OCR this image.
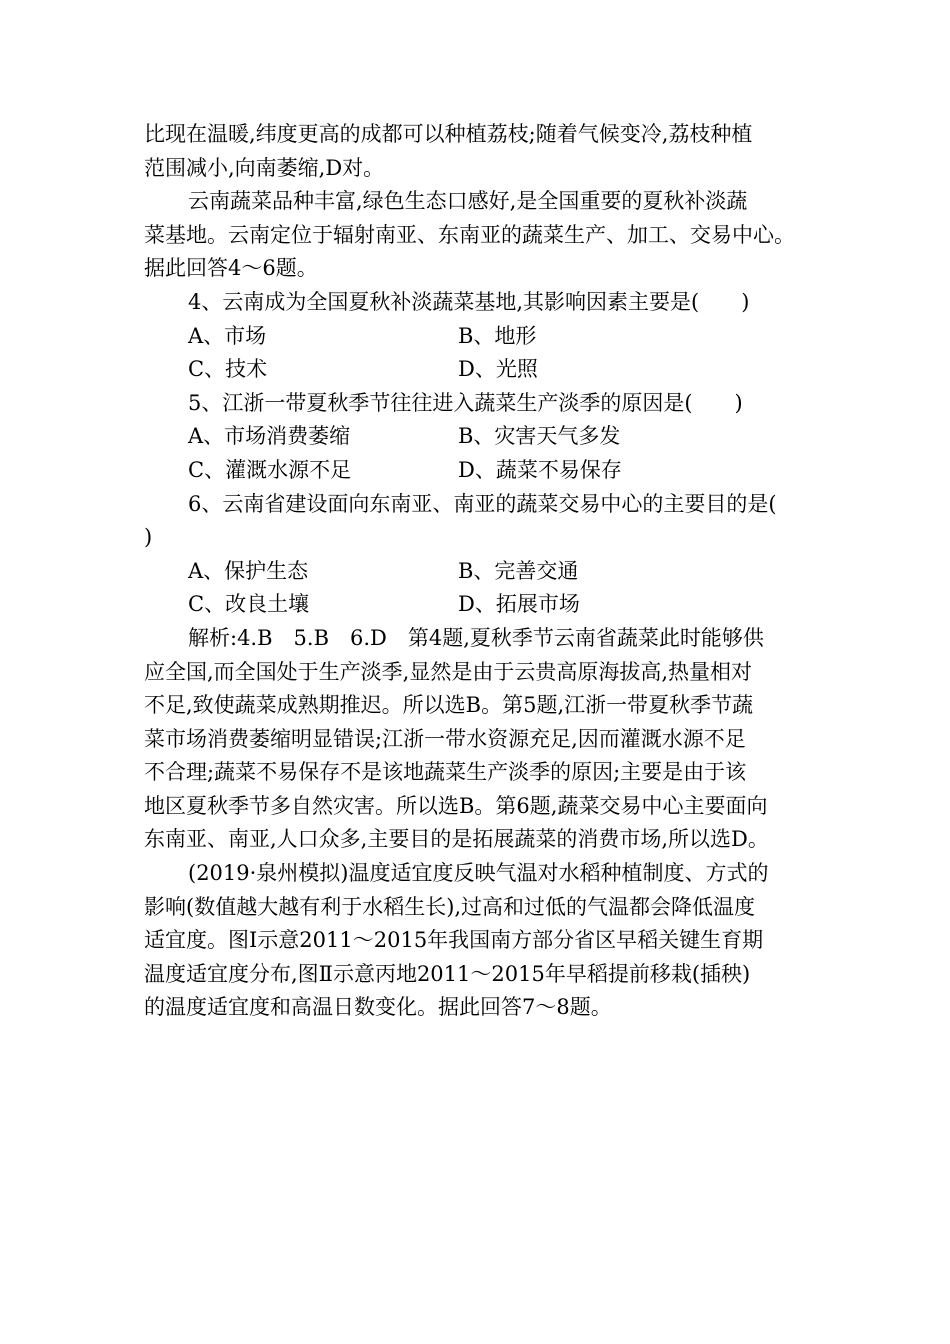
比现在温暖,纬度更高的成都可以种植荔枝;随着气候变冷,荔枝种植
范围减小,向南萎缩,D对。
云南蔬菜品种丰富,绿色生态口感好,是全国重要的夏秋补淡蔬
菜基地。云南定位于辐射南亚、东南亚的蔬菜生产、加工、交易中心。
据此回答4～6题。
4、云南成为全国夏秋补淡蔬菜基地,其影响因素主要是(　　)
A、市场	B、地形
C、技术	D、光照
5、江浙一带夏秋季节往往进入蔬菜生产淡季的原因是(　　)
A、市场消费萎缩	B、灾害天气多发
C、灌溉水源不足	D、蔬菜不易保存
6、云南省建设面向东南亚、南亚的蔬菜交易中心的主要目的是(
)
A、保护生态	B、完善交通
C、改良土壤	D、拓展市场
解析:4.B　5.B　6.D　第4题,夏秋季节云南省蔬菜此时能够供
应全国,而全国处于生产淡季,显然是由于云贵高原海拔高,热量相对
不足,致使蔬菜成熟期推迟。所以选B。第5题,江浙一带夏秋季节蔬
菜市场消费萎缩明显错误;江浙一带水资源充足,因而灌溉水源不足
不合理;蔬菜不易保存不是该地蔬菜生产淡季的原因;主要是由于该
地区夏秋季节多自然灾害。所以选B。第6题,蔬菜交易中心主要面向
东南亚、南亚,人口众多,主要目的是拓展蔬菜的消费市场,所以选D。
(2019·泉州模拟)温度适宜度反映气温对水稻种植制度、方式的
影响(数值越大越有利于水稻生长),过高和过低的气温都会降低温度
适宜度。图Ⅰ示意2011～2015年我国南方部分省区早稻关键生育期
温度适宜度分布,图Ⅱ示意丙地2011～2015年早稻提前移栽(插秧)
的温度适宜度和高温日数变化。据此回答7～8题。
